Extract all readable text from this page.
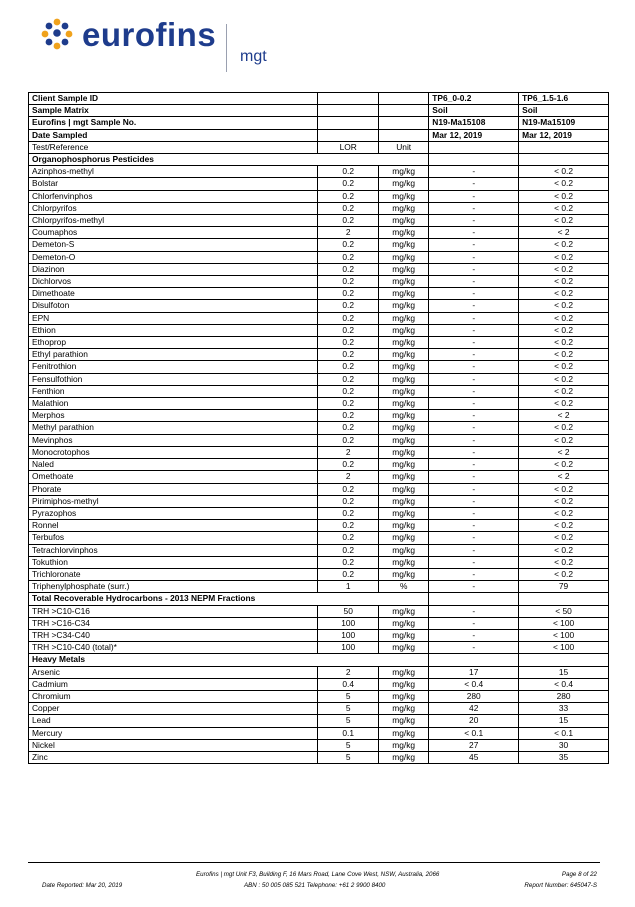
eurofins
mgt
Client Sample ID			TP6_0-0.2	TP6_1.5-1.6
Sample Matrix			Soil	Soil
Eurofins | mgt Sample No.			N19-Ma15108	N19-Ma15109
Date Sampled			Mar 12, 2019	Mar 12, 2019
Test/Reference	LOR	Unit		
Organophosphorus Pesticides				
Azinphos-methyl	0.2	mg/kg	-	< 0.2
Bolstar	0.2	mg/kg	-	< 0.2
Chlorfenvinphos	0.2	mg/kg	-	< 0.2
Chlorpyrifos	0.2	mg/kg	-	< 0.2
Chlorpyrifos-methyl	0.2	mg/kg	-	< 0.2
Coumaphos	2	mg/kg	-	< 2
Demeton-S	0.2	mg/kg	-	< 0.2
Demeton-O	0.2	mg/kg	-	< 0.2
Diazinon	0.2	mg/kg	-	< 0.2
Dichlorvos	0.2	mg/kg	-	< 0.2
Dimethoate	0.2	mg/kg	-	< 0.2
Disulfoton	0.2	mg/kg	-	< 0.2
EPN	0.2	mg/kg	-	< 0.2
Ethion	0.2	mg/kg	-	< 0.2
Ethoprop	0.2	mg/kg	-	< 0.2
Ethyl parathion	0.2	mg/kg	-	< 0.2
Fenitrothion	0.2	mg/kg	-	< 0.2
Fensulfothion	0.2	mg/kg	-	< 0.2
Fenthion	0.2	mg/kg	-	< 0.2
Malathion	0.2	mg/kg	-	< 0.2
Merphos	0.2	mg/kg	-	< 2
Methyl parathion	0.2	mg/kg	-	< 0.2
Mevinphos	0.2	mg/kg	-	< 0.2
Monocrotophos	2	mg/kg	-	< 2
Naled	0.2	mg/kg	-	< 0.2
Omethoate	2	mg/kg	-	< 2
Phorate	0.2	mg/kg	-	< 0.2
Pirimiphos-methyl	0.2	mg/kg	-	< 0.2
Pyrazophos	0.2	mg/kg	-	< 0.2
Ronnel	0.2	mg/kg	-	< 0.2
Terbufos	0.2	mg/kg	-	< 0.2
Tetrachlorvinphos	0.2	mg/kg	-	< 0.2
Tokuthion	0.2	mg/kg	-	< 0.2
Trichloronate	0.2	mg/kg	-	< 0.2
Triphenylphosphate (surr.)	1	%	-	79
Total Recoverable Hydrocarbons - 2013 NEPM Fractions				
TRH >C10-C16	50	mg/kg	-	< 50
TRH >C16-C34	100	mg/kg	-	< 100
TRH >C34-C40	100	mg/kg	-	< 100
TRH >C10-C40 (total)*	100	mg/kg	-	< 100
Heavy Metals				
Arsenic	2	mg/kg	17	15
Cadmium	0.4	mg/kg	< 0.4	< 0.4
Chromium	5	mg/kg	280	280
Copper	5	mg/kg	42	33
Lead	5	mg/kg	20	15
Mercury	0.1	mg/kg	< 0.1	< 0.1
Nickel	5	mg/kg	27	30
Zinc	5	mg/kg	45	35
Eurofins | mgt Unit F3, Building F, 16 Mars Road, Lane Cove West, NSW, Australia, 2066	Page 8 of 22
Date Reported: Mar 20, 2019	ABN : 50 005 085 521 Telephone: +61 2 9900 8400	Report Number: 645047-S
